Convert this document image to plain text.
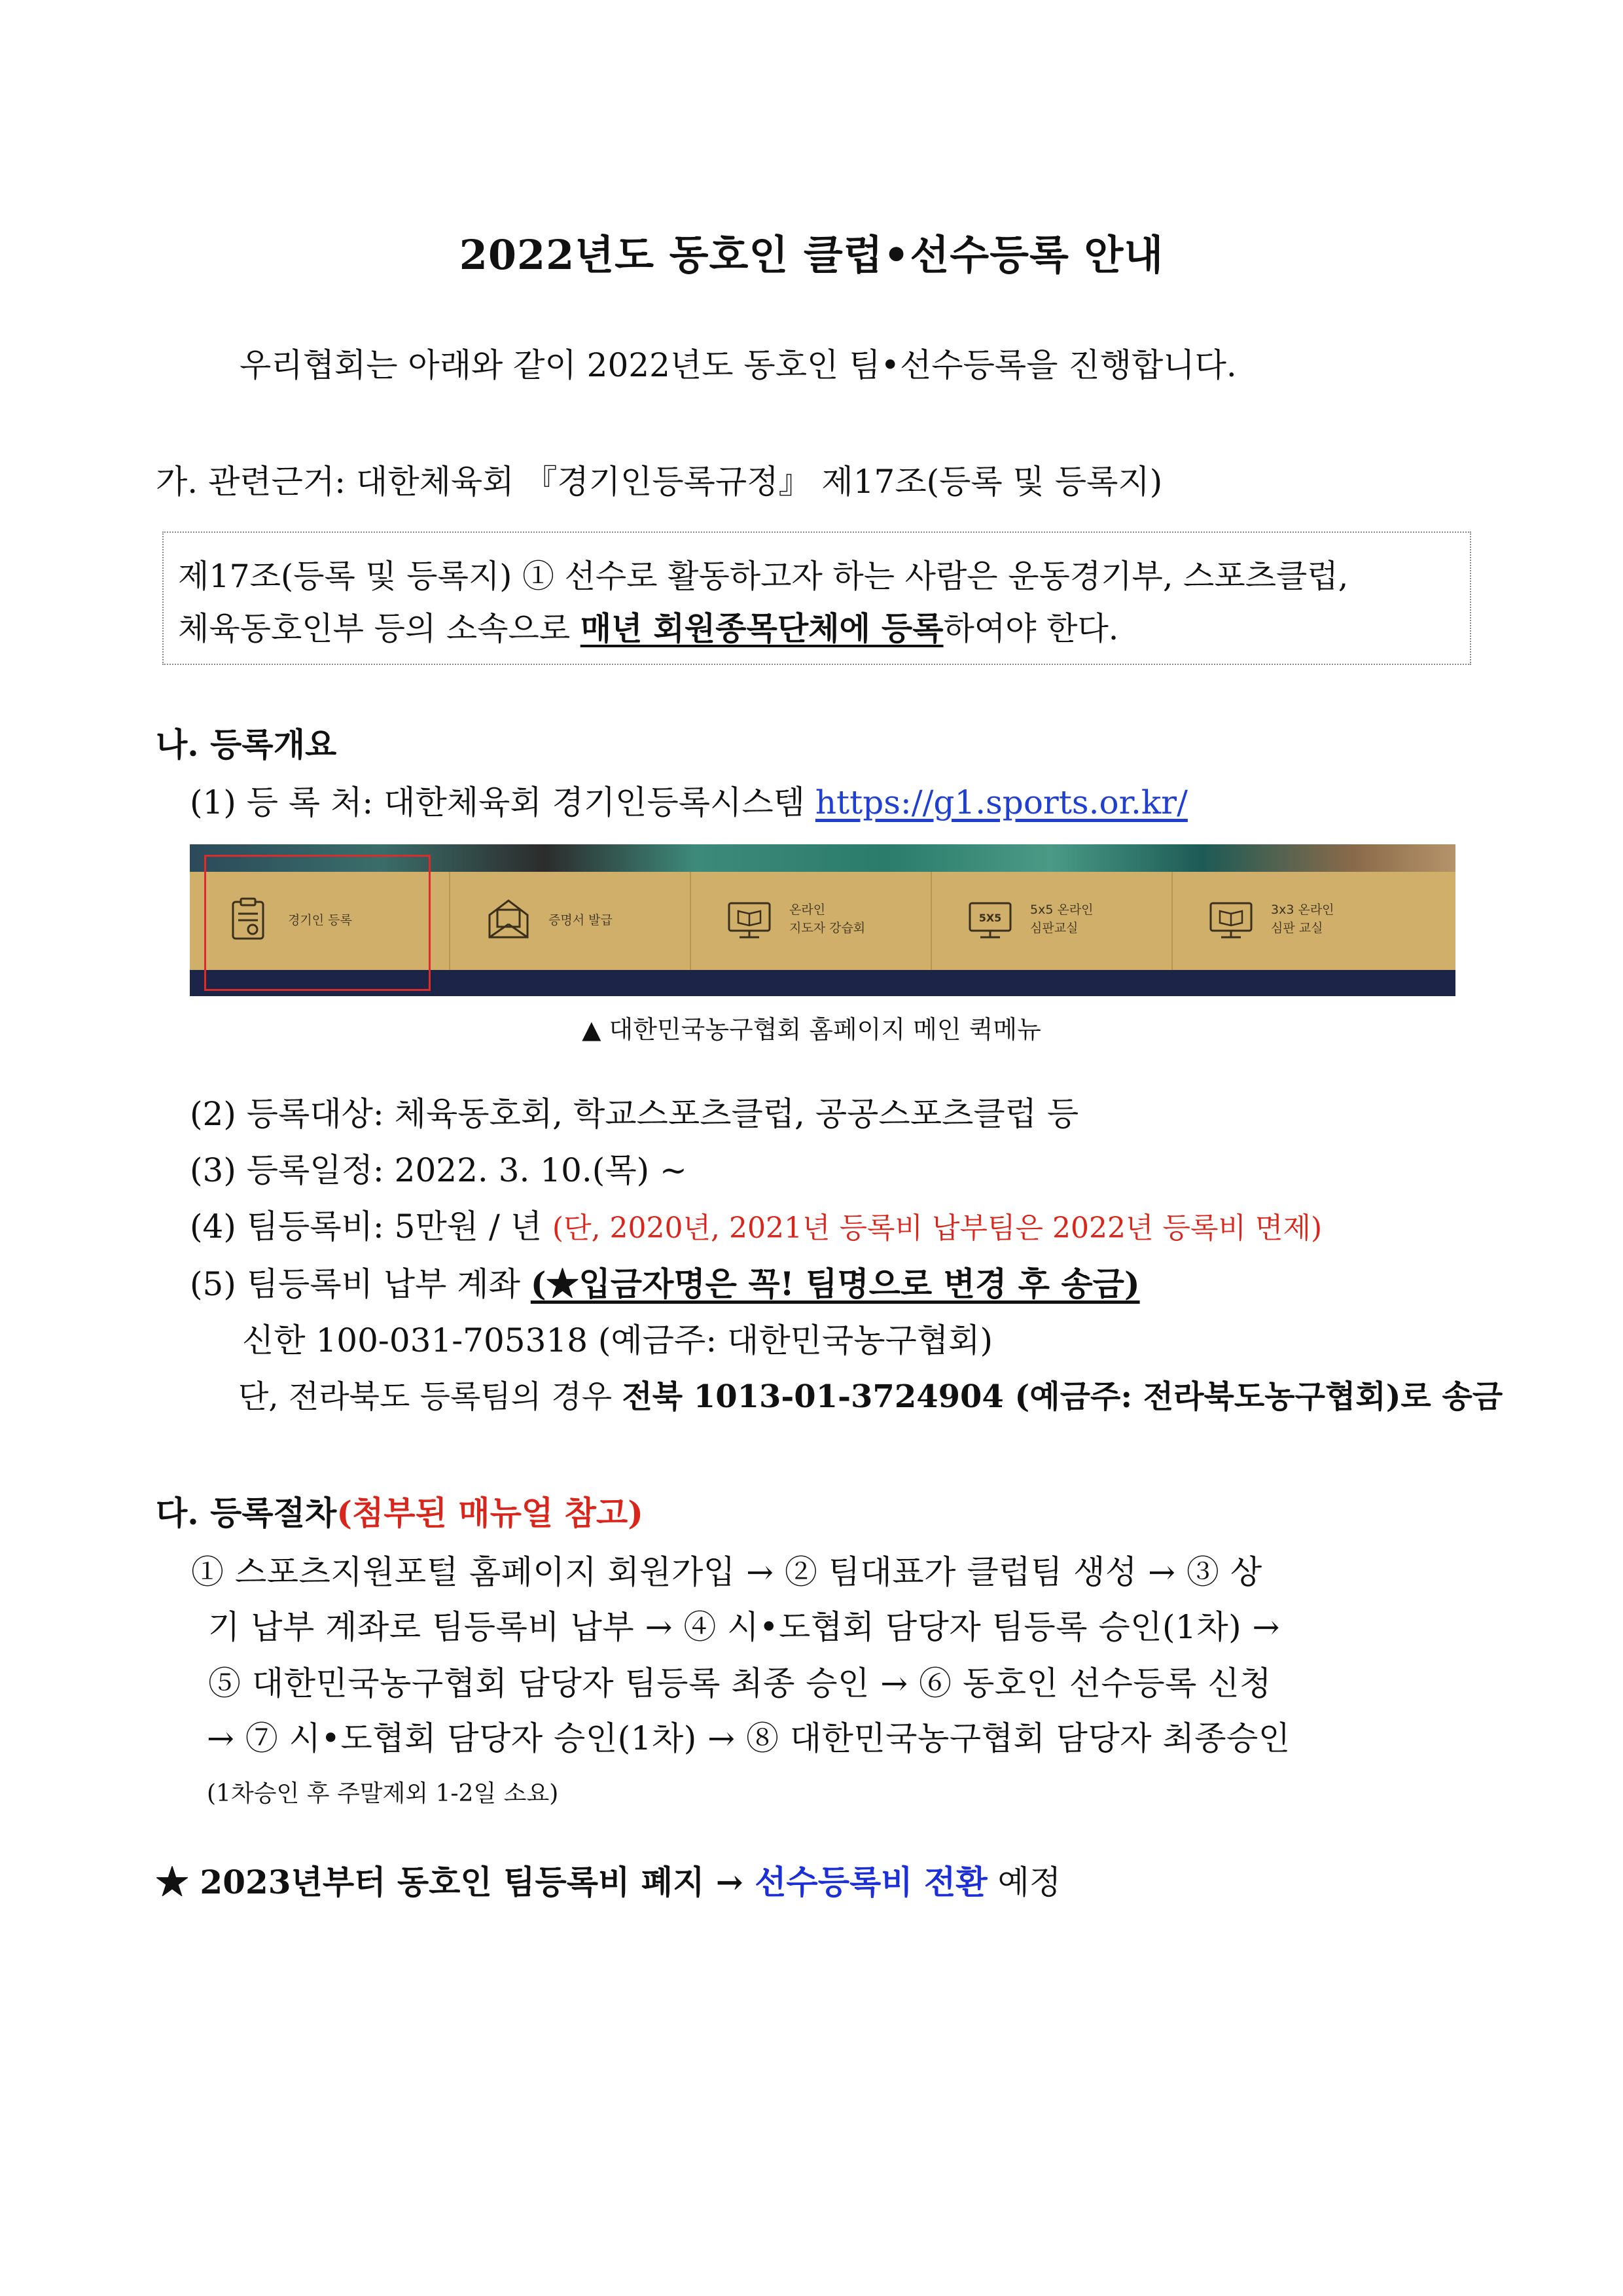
2022년도 동호인 클럽•선수등록 안내
우리협회는 아래와 같이 2022년도 동호인 팀•선수등록을 진행합니다.
가. 관련근거: 대한체육회 『경기인등록규정』 제17조(등록 및 등록지)
제17조(등록 및 등록지) ① 선수로 활동하고자 하는 사람은 운동경기부, 스포츠클럽,
체육동호인부 등의 소속으로 매년 회원종목단체에 등록하여야 한다.
나. 등록개요
(1) 등 록 처: 대한체육회 경기인등록시스템 https://g1.sports.or.kr/
경기인 등록	증명서 발급
온라인
지도자 강습회
5X5
5x5 온라인
심판교실
3x3 온라인
심판 교실
▲ 대한민국농구협회 홈페이지 메인 퀵메뉴
(2) 등록대상: 체육동호회, 학교스포츠클럽, 공공스포츠클럽 등
(3) 등록일정: 2022. 3. 10.(목) ~
(4) 팀등록비: 5만원 / 년 (단, 2020년, 2021년 등록비 납부팀은 2022년 등록비 면제)
(5) 팀등록비 납부 계좌 (★입금자명은 꼭! 팀명으로 변경 후 송금)
신한 100-031-705318 (예금주: 대한민국농구협회)
단, 전라북도 등록팀의 경우 전북 1013-01-3724904 (예금주: 전라북도농구협회)로 송금
다. 등록절차(첨부된 매뉴얼 참고)
① 스포츠지원포털 홈페이지 회원가입 → ② 팀대표가 클럽팀 생성 → ③ 상
기 납부 계좌로 팀등록비 납부 → ④ 시•도협회 담당자 팀등록 승인(1차) →
⑤ 대한민국농구협회 담당자 팀등록 최종 승인 → ⑥ 동호인 선수등록 신청
→ ⑦ 시•도협회 담당자 승인(1차) → ⑧ 대한민국농구협회 담당자 최종승인
(1차승인 후 주말제외 1-2일 소요)
★ 2023년부터 동호인 팀등록비 폐지 → 선수등록비 전환 예정
